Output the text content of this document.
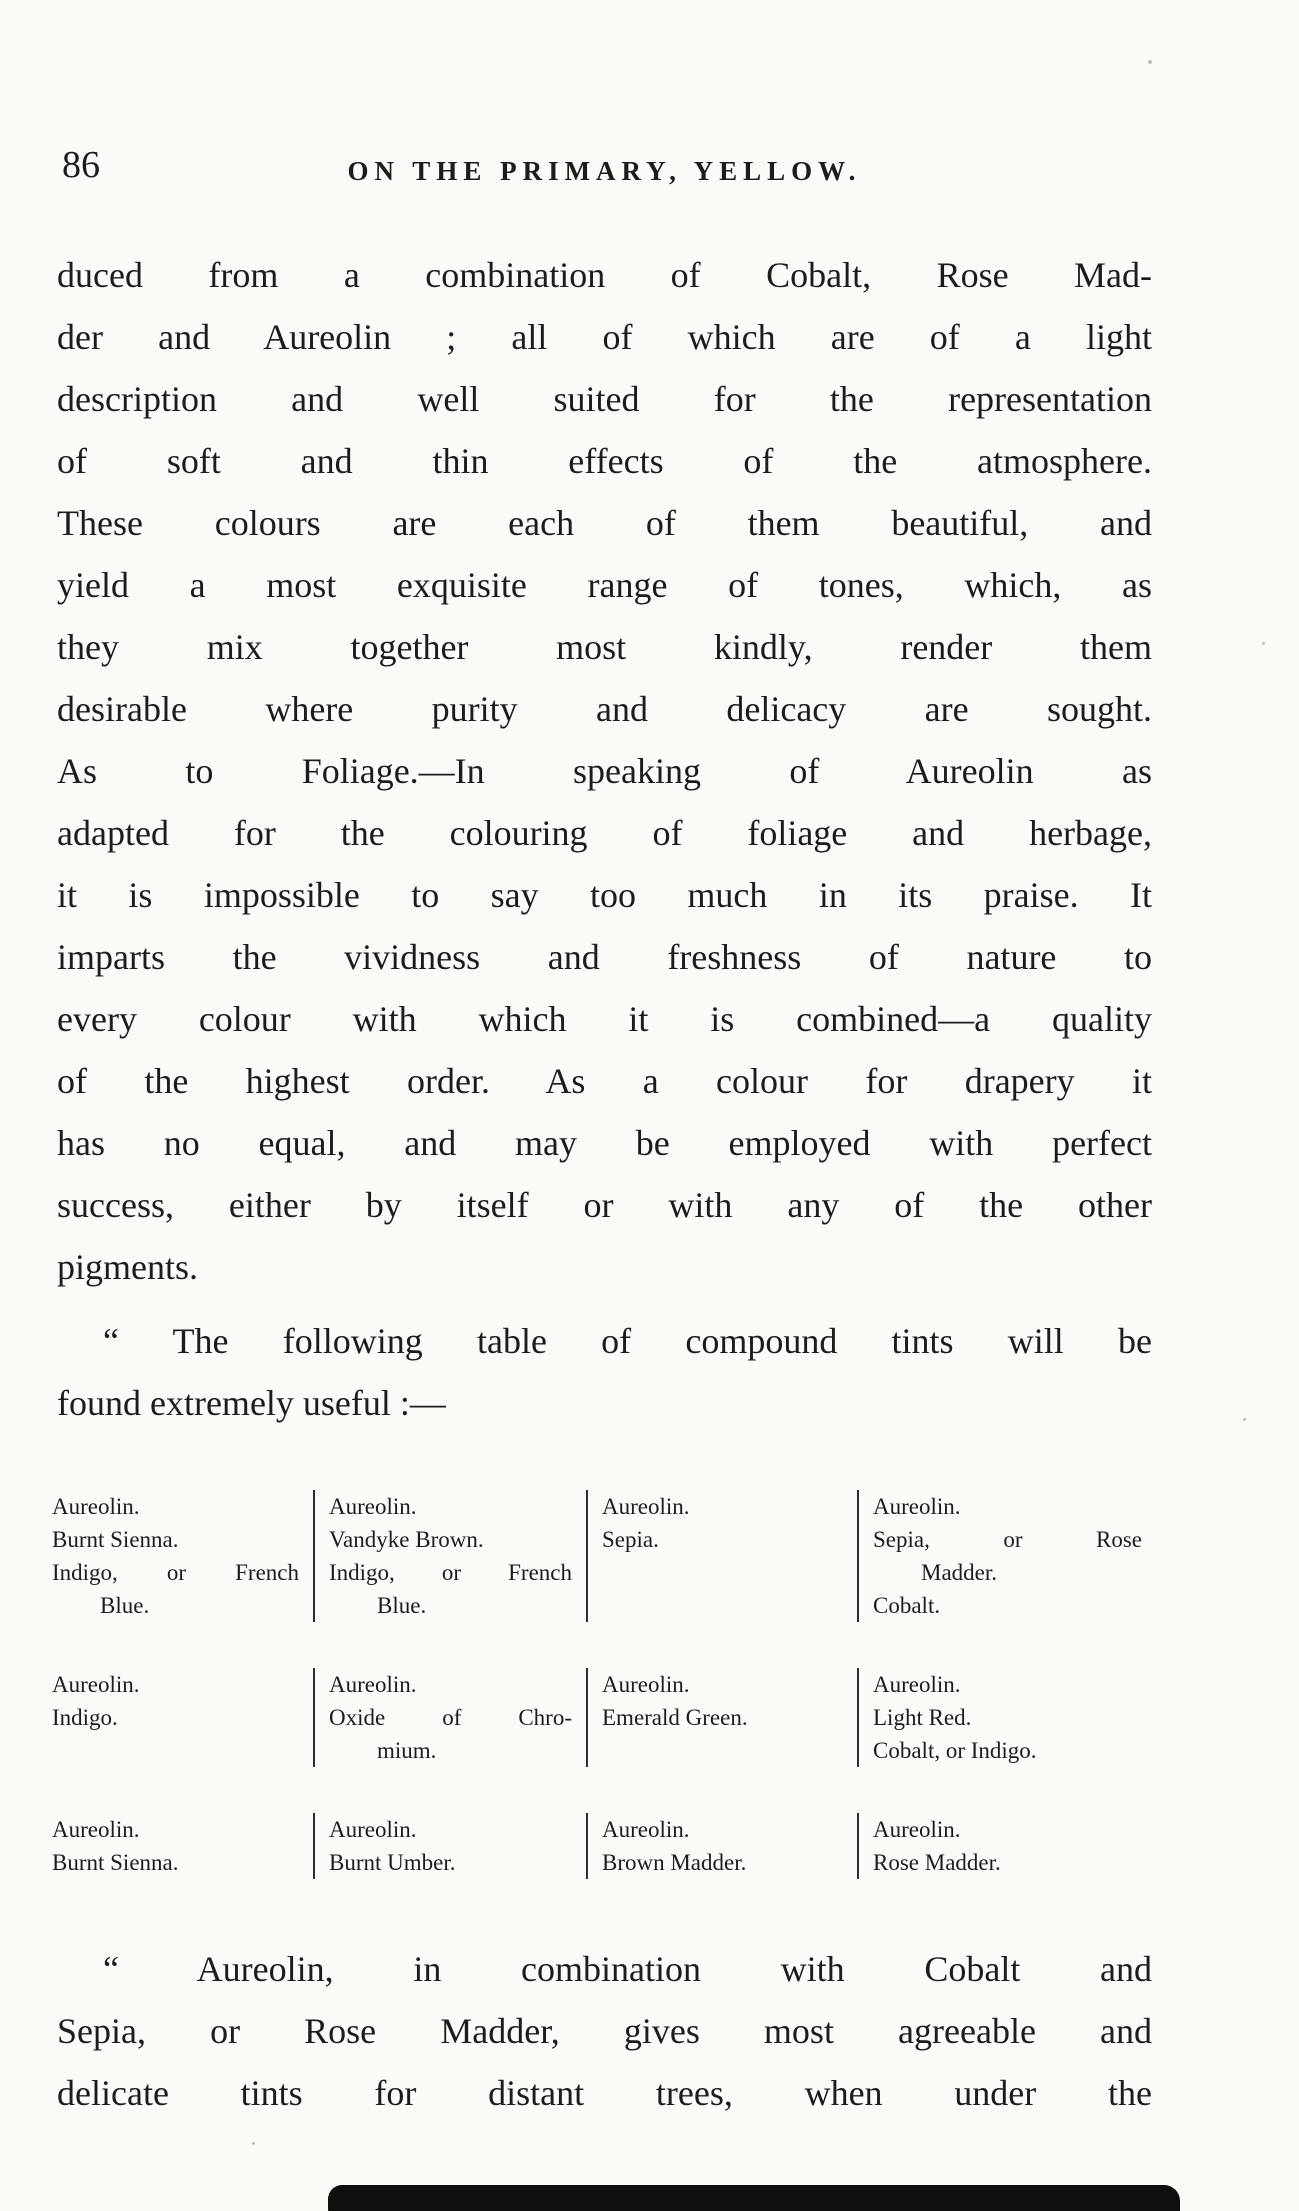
86	ON THE PRIMARY, YELLOW.
duced from a combination of Cobalt, Rose Mad-
der and Aureolin ; all of which are of a light
description and well suited for the representation
of soft and thin effects of the atmosphere.
These colours are each of them beautiful, and
yield a most exquisite range of tones, which, as
they mix together most kindly, render them
desirable where purity and delicacy are sought.
As to Foliage.—In speaking of Aureolin as
adapted for the colouring of foliage and herbage,
it is impossible to say too much in its praise. It
imparts the vividness and freshness of nature to
every colour with which it is combined—a quality
of the highest order. As a colour for drapery it
has no equal, and may be employed with perfect
success, either by itself or with any of the other
pigments.
“ The following table of compound tints will be
found extremely useful :—
Aureolin.
Burnt Sienna.
Indigo, or French
Blue.
Aureolin.
Vandyke Brown.
Indigo, or French
Blue.
Aureolin.
Sepia.
Aureolin.
Sepia, or Rose
Madder.
Cobalt.
Aureolin.
Indigo.
Aureolin.
Oxide of Chro-
mium.
Aureolin.
Emerald Green.
Aureolin.
Light Red.
Cobalt, or Indigo.
Aureolin.
Burnt Sienna.
Aureolin.
Burnt Umber.
Aureolin.
Brown Madder.
Aureolin.
Rose Madder.
“ Aureolin, in combination with Cobalt and
Sepia, or Rose Madder, gives most agreeable and
delicate tints for distant trees, when under the
